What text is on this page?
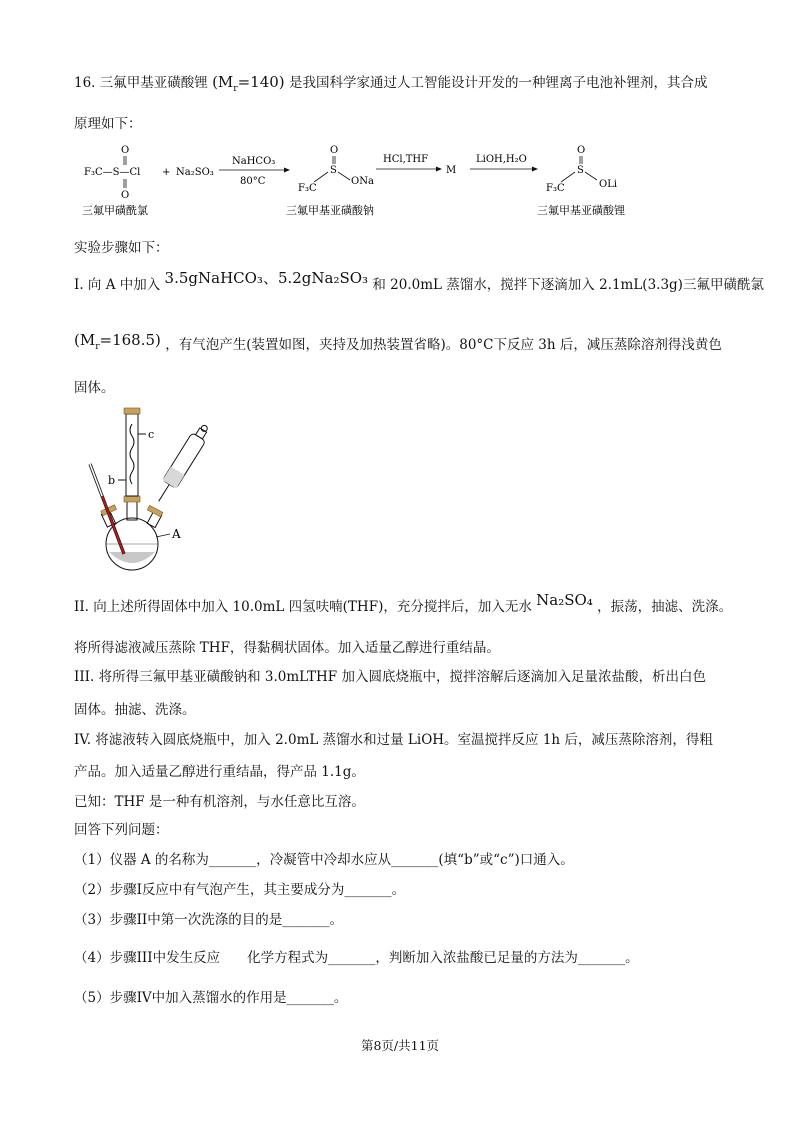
16. 三氟甲基亚磺酸锂 $(M_r=140)$ 是我国科学家通过人工智能设计开发的一种锂离子电池补锂剂，其合成
原理如下：
O
F₃C—S—Cl
O
+ Na₂SO₃
NaHCO₃
80°C
O
S
F₃C
ONa
HCl,THF
M
LiOH,H₂O
O
S
F₃C	OLi
三氟甲磺酰氯	三氟甲基亚磺酸钠	三氟甲基亚磺酸锂
实验步骤如下：
I. 向 A 中加入 3.5gNaHCO₃、5.2gNa₂SO₃ 和 20.0mL 蒸馏水，搅拌下逐滴加入 2.1mL(3.3g)三氟甲磺酰氯
$(M_r=168.5)$ ，有气泡产生(装置如图，夹持及加热装置省略)。80°C下反应 3h 后，减压蒸除溶剂得浅黄色
固体。
c
b
A
II. 向上述所得固体中加入 10.0mL 四氢呋喃(THF)，充分搅拌后，加入无水 Na₂SO₄ ，振荡，抽滤、洗涤。
将所得滤液减压蒸除 THF，得黏稠状固体。加入适量乙醇进行重结晶。
III. 将所得三氟甲基亚磺酸钠和 3.0mLTHF 加入圆底烧瓶中，搅拌溶解后逐滴加入足量浓盐酸，析出白色
固体。抽滤、洗涤。
IV. 将滤液转入圆底烧瓶中，加入 2.0mL 蒸馏水和过量 LiOH。室温搅拌反应 1h 后，减压蒸除溶剂，得粗
产品。加入适量乙醇进行重结晶，得产品 1.1g。
已知：THF 是一种有机溶剂，与水任意比互溶。
回答下列问题：
（1）仪器 A 的名称为_______，冷凝管中冷却水应从_______(填“b”或“c”)口通入。
（2）步骤I反应中有气泡产生，其主要成分为_______。
（3）步骤II中第一次洗涤的目的是_______。
（4）步骤III中发生反应　　化学方程式为_______，判断加入浓盐酸已足量的方法为_______。
（5）步骤IV中加入蒸馏水的作用是_______。
第8页/共11页
